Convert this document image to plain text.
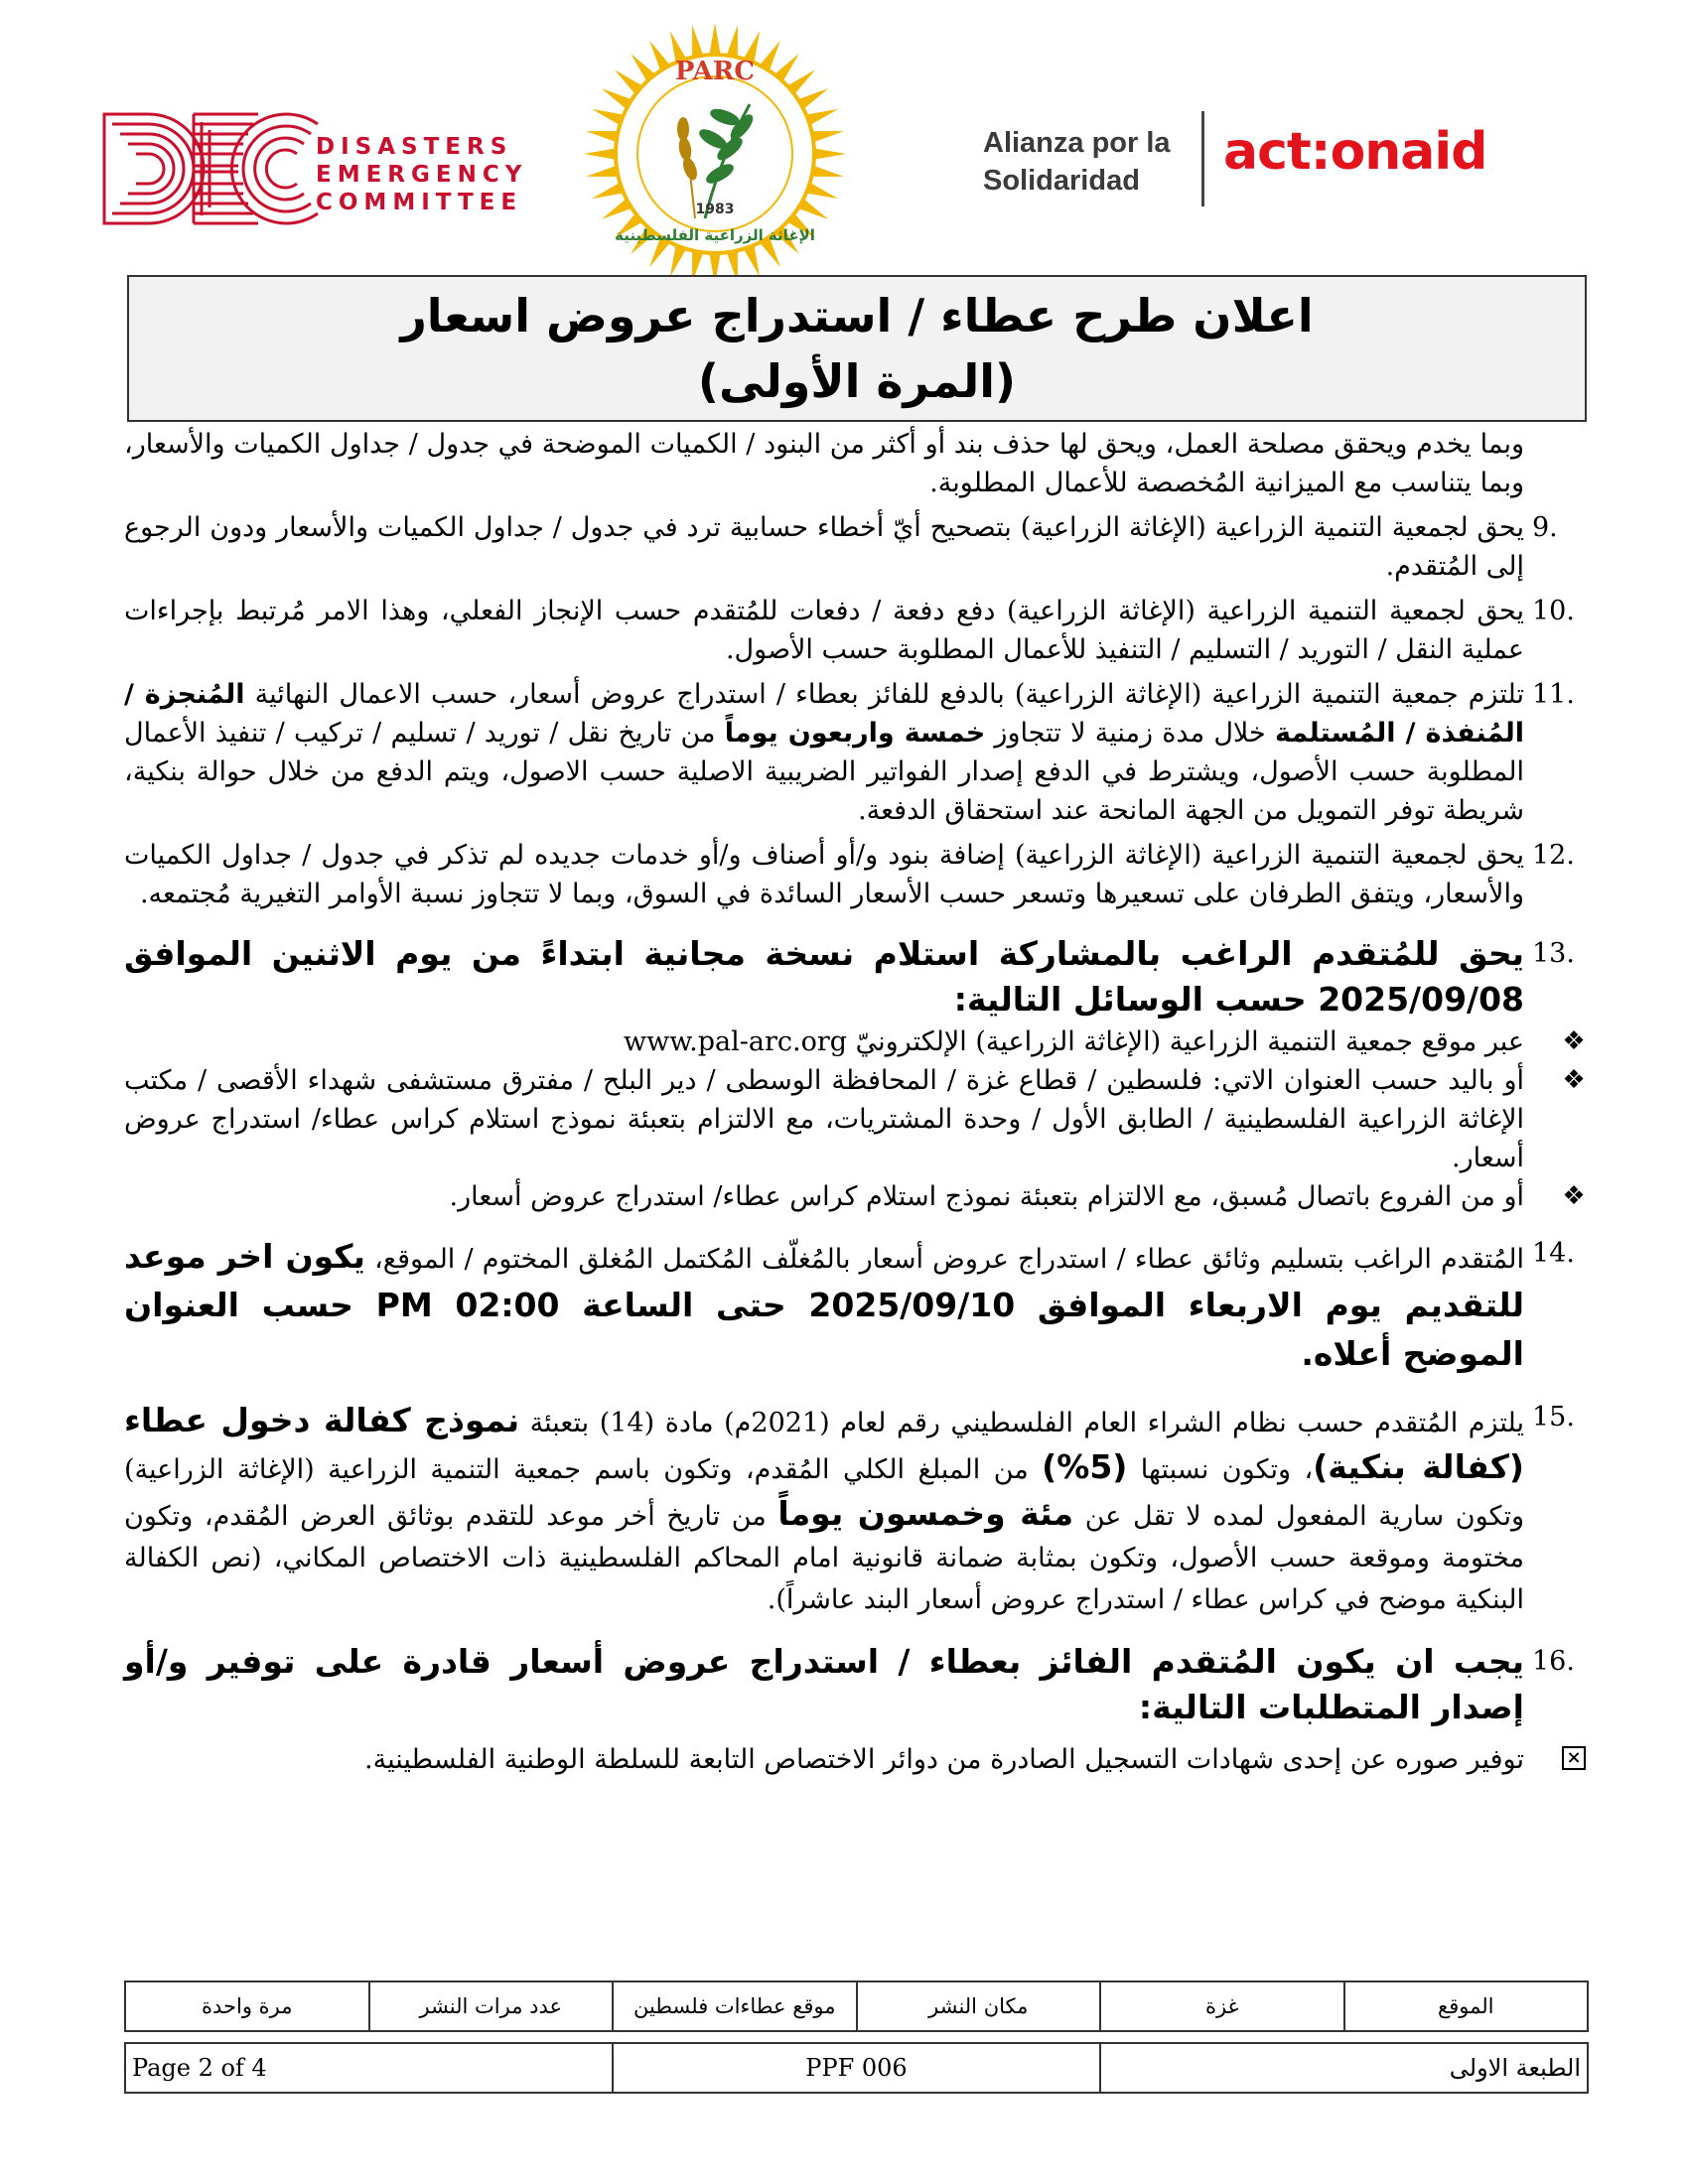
DISASTERS
EMERGENCY
COMMITTEE
PARC
1983
الإغاثة الزراعية الفلسطينية
Alianza por la
Solidaridad	act:onaid
اعلان طرح عطاء / استدراج عروض اسعار
(المرة الأولى)

وبما يخدم ويحقق مصلحة العمل، ويحق لها حذف بند أو أكثر من البنود / الكميات الموضحة في جدول / جداول الكميات والأسعار، وبما يتناسب مع الميزانية المُخصصة للأعمال المطلوبة.

9.

يحق لجمعية التنمية الزراعية (الإغاثة الزراعية) بتصحيح أيّ أخطاء حسابية ترد في جدول / جداول الكميات والأسعار ودون الرجوع إلى المُتقدم.

10.

يحق لجمعية التنمية الزراعية (الإغاثة الزراعية) دفع دفعة / دفعات للمُتقدم حسب الإنجاز الفعلي، وهذا الامر مُرتبط بإجراءات عملية النقل / التوريد / التسليم / التنفيذ للأعمال المطلوبة حسب الأصول.

11.

تلتزم جمعية التنمية الزراعية (الإغاثة الزراعية) بالدفع للفائز بعطاء / استدراج عروض أسعار، حسب الاعمال النهائية المُنجزة / المُنفذة / المُستلمة خلال مدة زمنية لا تتجاوز خمسة واربعون يوماً من تاريخ نقل / توريد / تسليم / تركيب / تنفيذ الأعمال المطلوبة حسب الأصول، ويشترط في الدفع إصدار الفواتير الضريبية الاصلية حسب الاصول، ويتم الدفع من خلال حوالة بنكية، شريطة توفر التمويل من الجهة المانحة عند استحقاق الدفعة.

12.

يحق لجمعية التنمية الزراعية (الإغاثة الزراعية) إضافة بنود و/أو أصناف و/أو خدمات جديده لم تذكر في جدول / جداول الكميات والأسعار، ويتفق الطرفان على تسعيرها وتسعر حسب الأسعار السائدة في السوق، وبما لا تتجاوز نسبة الأوامر التغيرية مُجتمعه.

13.

يحق للمُتقدم الراغب بالمشاركة استلام نسخة مجانية ابتداءً من يوم الاثنين الموافق 2025/09/08 حسب الوسائل التالية:

❖

عبر موقع جمعية التنمية الزراعية (الإغاثة الزراعية) الإلكترونيّ www.pal-arc.org

❖

أو باليد حسب العنوان الاتي: فلسطين / قطاع غزة / المحافظة الوسطى / دير البلح / مفترق مستشفى شهداء الأقصى / مكتب الإغاثة الزراعية الفلسطينية / الطابق الأول / وحدة المشتريات، مع الالتزام بتعبئة نموذج استلام كراس عطاء/ استدراج عروض أسعار.

❖

أو من الفروع باتصال مُسبق، مع الالتزام بتعبئة نموذج استلام كراس عطاء/ استدراج عروض أسعار.

14.

المُتقدم الراغب بتسليم وثائق عطاء / استدراج عروض أسعار بالمُغلّف المُكتمل المُغلق المختوم / الموقع، يكون اخر موعد للتقديم يوم الاربعاء الموافق 2025/09/10 حتى الساعة 02:00 PM حسب العنوان الموضح أعلاه.

15.

يلتزم المُتقدم حسب نظام الشراء العام الفلسطيني رقم لعام (2021م) مادة (14) بتعبئة نموذج كفالة دخول عطاء (كفالة بنكية)، وتكون نسبتها (5%) من المبلغ الكلي المُقدم، وتكون باسم جمعية التنمية الزراعية (الإغاثة الزراعية) وتكون سارية المفعول لمده لا تقل عن مئة وخمسون يوماً من تاريخ أخر موعد للتقدم بوثائق العرض المُقدم، وتكون مختومة وموقعة حسب الأصول، وتكون بمثابة ضمانة قانونية امام المحاكم الفلسطينية ذات الاختصاص المكاني، (نص الكفالة البنكية موضح في كراس عطاء / استدراج عروض أسعار البند عاشراً).

16.

يجب ان يكون المُتقدم الفائز بعطاء / استدراج عروض أسعار قادرة على توفير و/أو إصدار المتطلبات التالية:

×

توفير صوره عن إحدى شهادات التسجيل الصادرة من دوائر الاختصاص التابعة للسلطة الوطنية الفلسطينية.

الموقع	غزة	مكان النشر	موقع عطاءات فلسطين	عدد مرات النشر	مرة واحدة
Page 2 of 4	PPF 006	الطبعة الاولى
